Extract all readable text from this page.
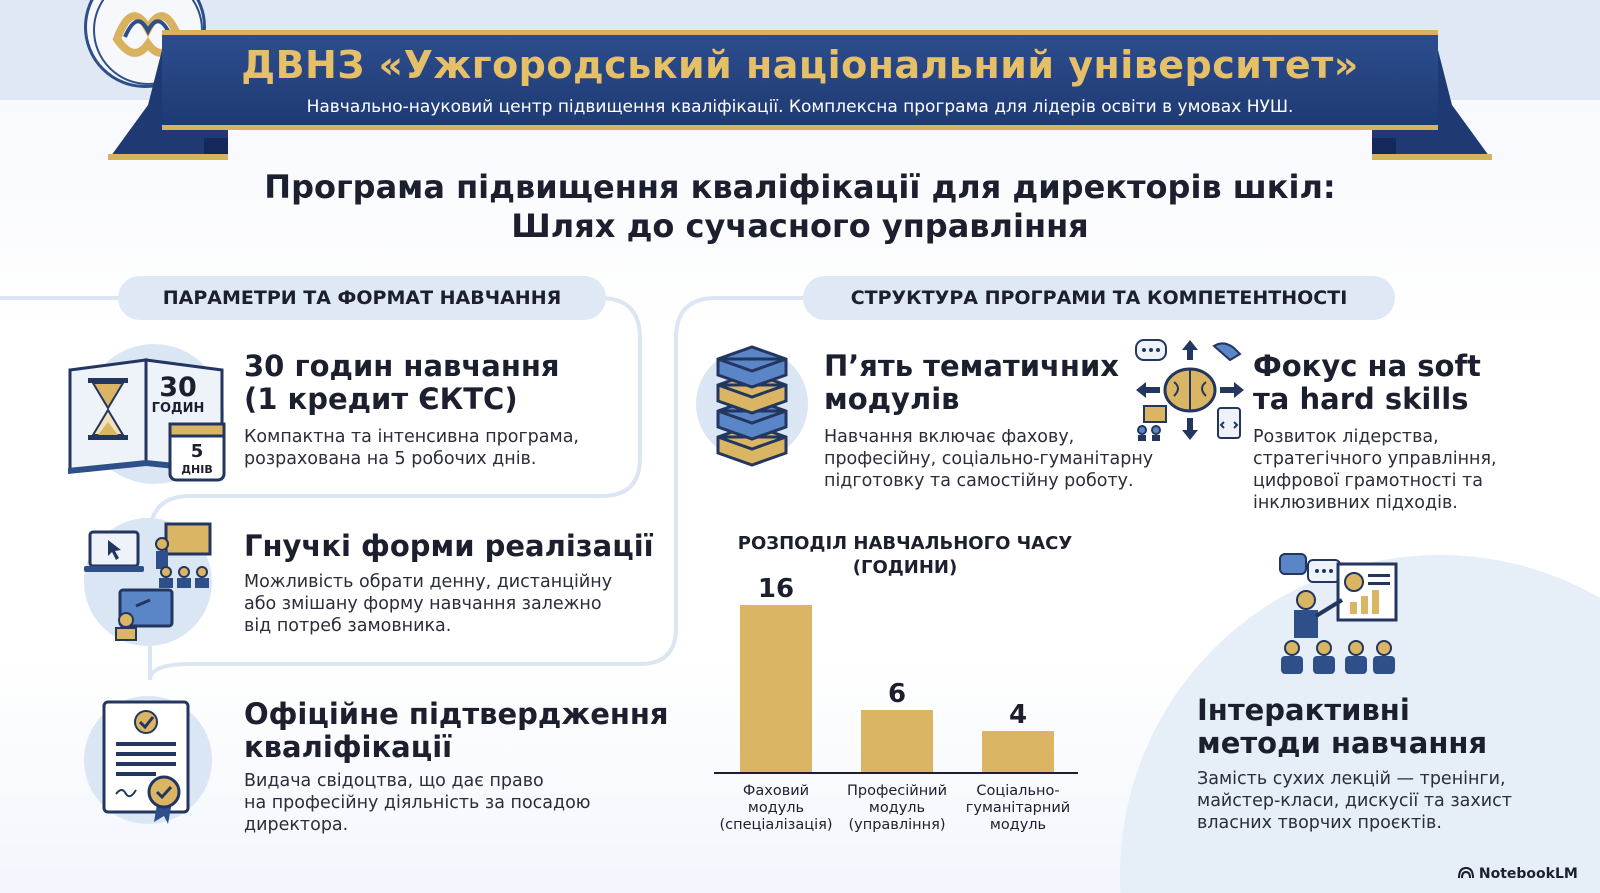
ДВНЗ «Ужгородський національний університет»
Навчально-науковий центр підвищення кваліфікації. Комплексна програма для лідерів освіти в умовах НУШ.
Програма підвищення кваліфікації для директорів шкіл:
Шлях до сучасного управління
ПАРАМЕТРИ ТА ФОРМАТ НАВЧАННЯ	СТРУКТУРА ПРОГРАМИ ТА КОМПЕТЕНТНОСТІ
30
ГОДИН
5
ДНІВ
30 годин навчання
(1 кредит ЄКТС)
Компактна та інтенсивна програма,
розрахована на 5 робочих днів.
Гнучкі форми реалізації
Можливість обрати денну, дистанційну
або змішану форму навчання залежно
від потреб замовника.
Офіційне підтвердження
кваліфікації
Видача свідоцтва, що дає право
на професійну діяльність за посадою
директора.
П’ять тематичних
модулів
Навчання включає фахову,
професійну, соціально-гуманітарну
підготовку та самостійну роботу.
Фокус на soft
та hard skills
Розвиток лідерства,
стратегічного управління,
цифрової грамотності та
інклюзивних підходів.
Інтерактивні
методи навчання
Замість сухих лекцій — тренінги,
майстер-класи, дискусії та захист
власних творчих проєктів.
РОЗПОДІЛ НАВЧАЛЬНОГО ЧАСУ
(ГОДИНИ)
16
Фаховий
модуль
(спеціалізація)
6
Професійний
модуль
(управління)
4
Соціально-
гуманітарний
модуль
NotebookLM
